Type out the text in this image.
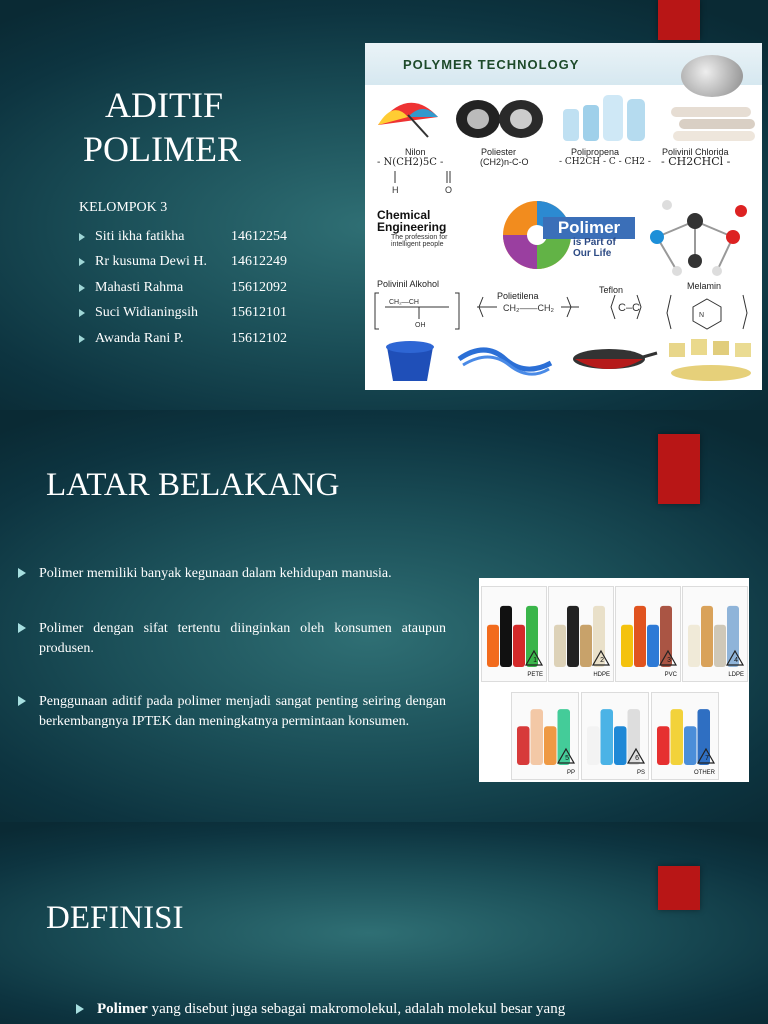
ADITIF
POLIMER
KELOMPOK 3
Siti ikha fatikha	14612254
Rr kusuma Dewi H.	14612249
Mahasti Rahma	15612092
Suci Widianingsih	15612101
Awanda Rani P.	15612102
POLYMER TECHNOLOGY
Nilon	Poliester	Polipropena	Polivinil Chlorida
- N(CH2)5C -	(CH2)n-C-O	- CH2CH - C - CH2 - - CH2CHCl -
H	O
Chemical
Engineering
The profession for
intelligent people
Polimer
is Part of
Our Life
Polivinil Alkohol
Polietilena
Teflon	Melamin
CH₂—CH
OH
CH₂——CH₂	C–C
N
LATAR BELAKANG
Polimer memiliki banyak kegunaan dalam kehidupan manusia.
Polimer dengan sifat tertentu diinginkan oleh konsumen ataupun produsen.
Penggunaan aditif pada polimer menjadi sangat penting seiring dengan berkembangnya IPTEK dan meningkatnya permintaan konsumen.
1
PETE
2
HDPE
3
PVC
4
LDPE
5
PP
6
PS
7
OTHER
DEFINISI
Polimer yang disebut juga sebagai makromolekul, adalah molekul besar yang
